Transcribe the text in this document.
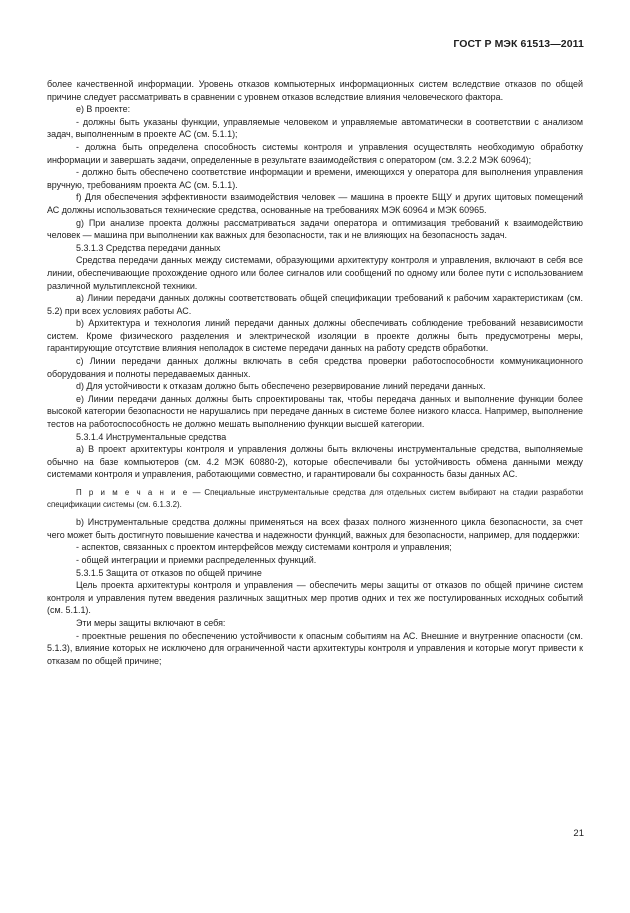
ГОСТ Р МЭК 61513—2011

более качественной информации. Уровень отказов компьютерных информационных систем вследствие отказов по общей причине следует рассматривать в сравнении с уровнем отказов вследствие влияния человеческого фактора.

е) В проекте:

- должны быть указаны функции, управляемые человеком и управляемые автоматически в соответствии с анализом задач, выполненным в проекте АС (см. 5.1.1);

- должна быть определена способность системы контроля и управления осуществлять необходимую обработку информации и завершать задачи, определенные в результате взаимодействия с оператором (см. 3.2.2 МЭК 60964);

- должно быть обеспечено соответствие информации и времени, имеющихся у оператора для выполнения управления вручную, требованиям проекта АС (см. 5.1.1).

f) Для обеспечения эффективности взаимодействия человек — машина в проекте БЩУ и других щитовых помещений АС должны использоваться технические средства, основанные на требованиях МЭК 60964 и МЭК 60965.

g) При анализе проекта должны рассматриваться задачи оператора и оптимизация требований к взаимодействию человек — машина при выполнении как важных для безопасности, так и не влияющих на безопасность задач.

5.3.1.3 Средства передачи данных

Средства передачи данных между системами, образующими архитектуру контроля и управления, включают в себя все линии, обеспечивающие прохождение одного или более сигналов или сообщений по одному или более пути с использованием различной мультиплексной техники.

а) Линии передачи данных должны соответствовать общей спецификации требований к рабочим характеристикам (см. 5.2) при всех условиях работы АС.

b) Архитектура и технология линий передачи данных должны обеспечивать соблюдение требований независимости систем. Кроме физического разделения и электрической изоляции в проекте должны быть предусмотрены меры, гарантирующие отсутствие влияния неполадок в системе передачи данных на работу средств обработки.

с) Линии передачи данных должны включать в себя средства проверки работоспособности коммуникационного оборудования и полноты передаваемых данных.

d) Для устойчивости к отказам должно быть обеспечено резервирование линий передачи данных.

е) Линии передачи данных должны быть спроектированы так, чтобы передача данных и выполнение функции более высокой категории безопасности не нарушались при передаче данных в системе более низкого класса. Например, выполнение тестов на работоспособность не должно мешать выполнению функции высшей категории.

5.3.1.4 Инструментальные средства

а) В проект архитектуры контроля и управления должны быть включены инструментальные средства, выполняемые обычно на базе компьютеров (см. 4.2 МЭК 60880-2), которые обеспечивали бы устойчивость обмена данными между системами контроля и управления, работающими совместно, и гарантировали бы сохранность базы данных АС.

П р и м е ч а н и е — Специальные инструментальные средства для отдельных систем выбирают на стадии разработки спецификации системы (см. 6.1.3.2).

b) Инструментальные средства должны применяться на всех фазах полного жизненного цикла безопасности, за счет чего может быть достигнуто повышение качества и надежности функций, важных для безопасности, например, для поддержки:

- аспектов, связанных с проектом интерфейсов между системами контроля и управления;

- общей интеграции и приемки распределенных функций.

5.3.1.5 Защита от отказов по общей причине

Цель проекта архитектуры контроля и управления — обеспечить меры защиты от отказов по общей причине систем контроля и управления путем введения различных защитных мер против одних и тех же постулированных исходных событий (см. 5.1.1).

Эти меры защиты включают в себя:

- проектные решения по обеспечению устойчивости к опасным событиям на АС. Внешние и внутренние опасности (см. 5.1.3), влияние которых не исключено для ограниченной части архитектуры контроля и управления и которые могут привести к отказам по общей причине;

21
